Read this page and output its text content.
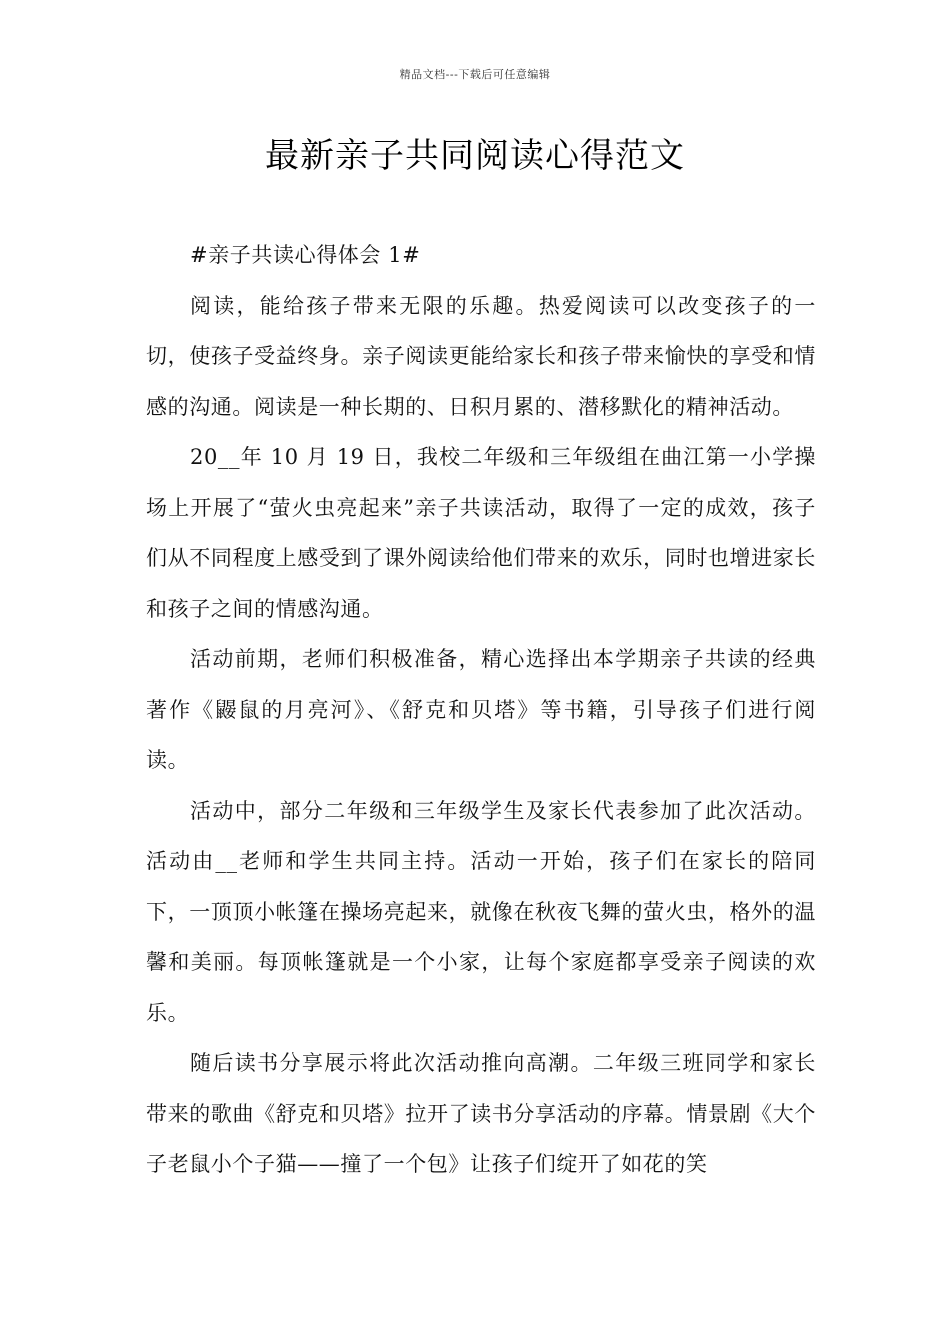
精品文档---下载后可任意编辑
最新亲子共同阅读心得范文
#亲子共读心得体会 1#

阅读，能给孩子带来无限的乐趣。热爱阅读可以改变孩子的一切，使孩子受益终身。亲子阅读更能给家长和孩子带来愉快的享受和情感的沟通。阅读是一种长期的、日积月累的、潜移默化的精神活动。

20__年 10 月 19 日，我校二年级和三年级组在曲江第一小学操场上开展了“萤火虫亮起来”亲子共读活动，取得了一定的成效，孩子们从不同程度上感受到了课外阅读给他们带来的欢乐，同时也增进家长和孩子之间的情感沟通。

活动前期，老师们积极准备，精心选择出本学期亲子共读的经典著作《鼹鼠的月亮河》、《舒克和贝塔》等书籍，引导孩子们进行阅读。

活动中，部分二年级和三年级学生及家长代表参加了此次活动。活动由__老师和学生共同主持。活动一开始，孩子们在家长的陪同下，一顶顶小帐篷在操场亮起来，就像在秋夜飞舞的萤火虫，格外的温馨和美丽。每顶帐篷就是一个小家，让每个家庭都享受亲子阅读的欢乐。

随后读书分享展示将此次活动推向高潮。二年级三班同学和家长带来的歌曲《舒克和贝塔》拉开了读书分享活动的序幕。情景剧《大个子老鼠小个子猫——撞了一个包》让孩子们绽开了如花的笑
